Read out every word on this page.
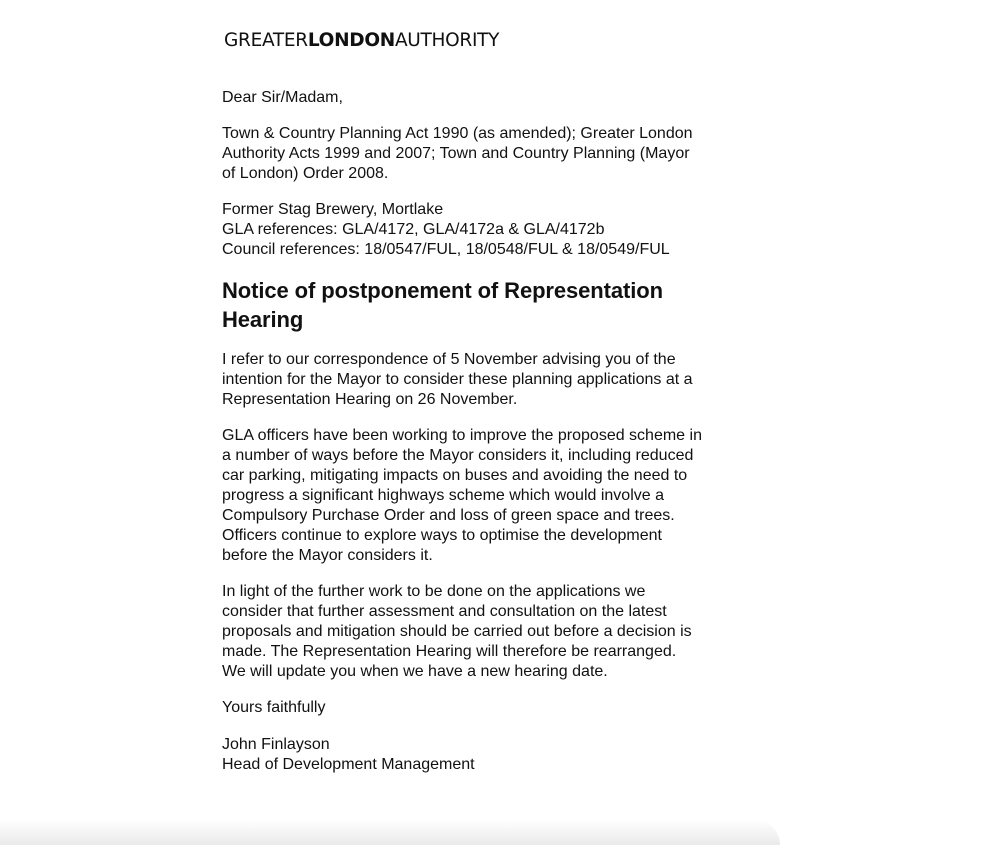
GREATERLONDONAUTHORITY

Dear Sir/Madam,

Town & Country Planning Act 1990 (as amended); Greater London Authority Acts 1999 and 2007; Town and Country Planning (Mayor of London) Order 2008.

Former Stag Brewery, Mortlake
GLA references: GLA/4172, GLA/4172a & GLA/4172b
Council references: 18/0547/FUL, 18/0548/FUL & 18/0549/FUL

Notice of postponement of Representation Hearing

I refer to our correspondence of 5 November advising you of the intention for the Mayor to consider these planning applications at a Representation Hearing on 26 November.

GLA officers have been working to improve the proposed scheme in a number of ways before the Mayor considers it, including reduced car parking, mitigating impacts on buses and avoiding the need to progress a significant highways scheme which would involve a Compulsory Purchase Order and loss of green space and trees. Officers continue to explore ways to optimise the development before the Mayor considers it.

In light of the further work to be done on the applications we consider that further assessment and consultation on the latest proposals and mitigation should be carried out before a decision is made. The Representation Hearing will therefore be rearranged. We will update you when we have a new hearing date.

Yours faithfully

John Finlayson
Head of Development Management
